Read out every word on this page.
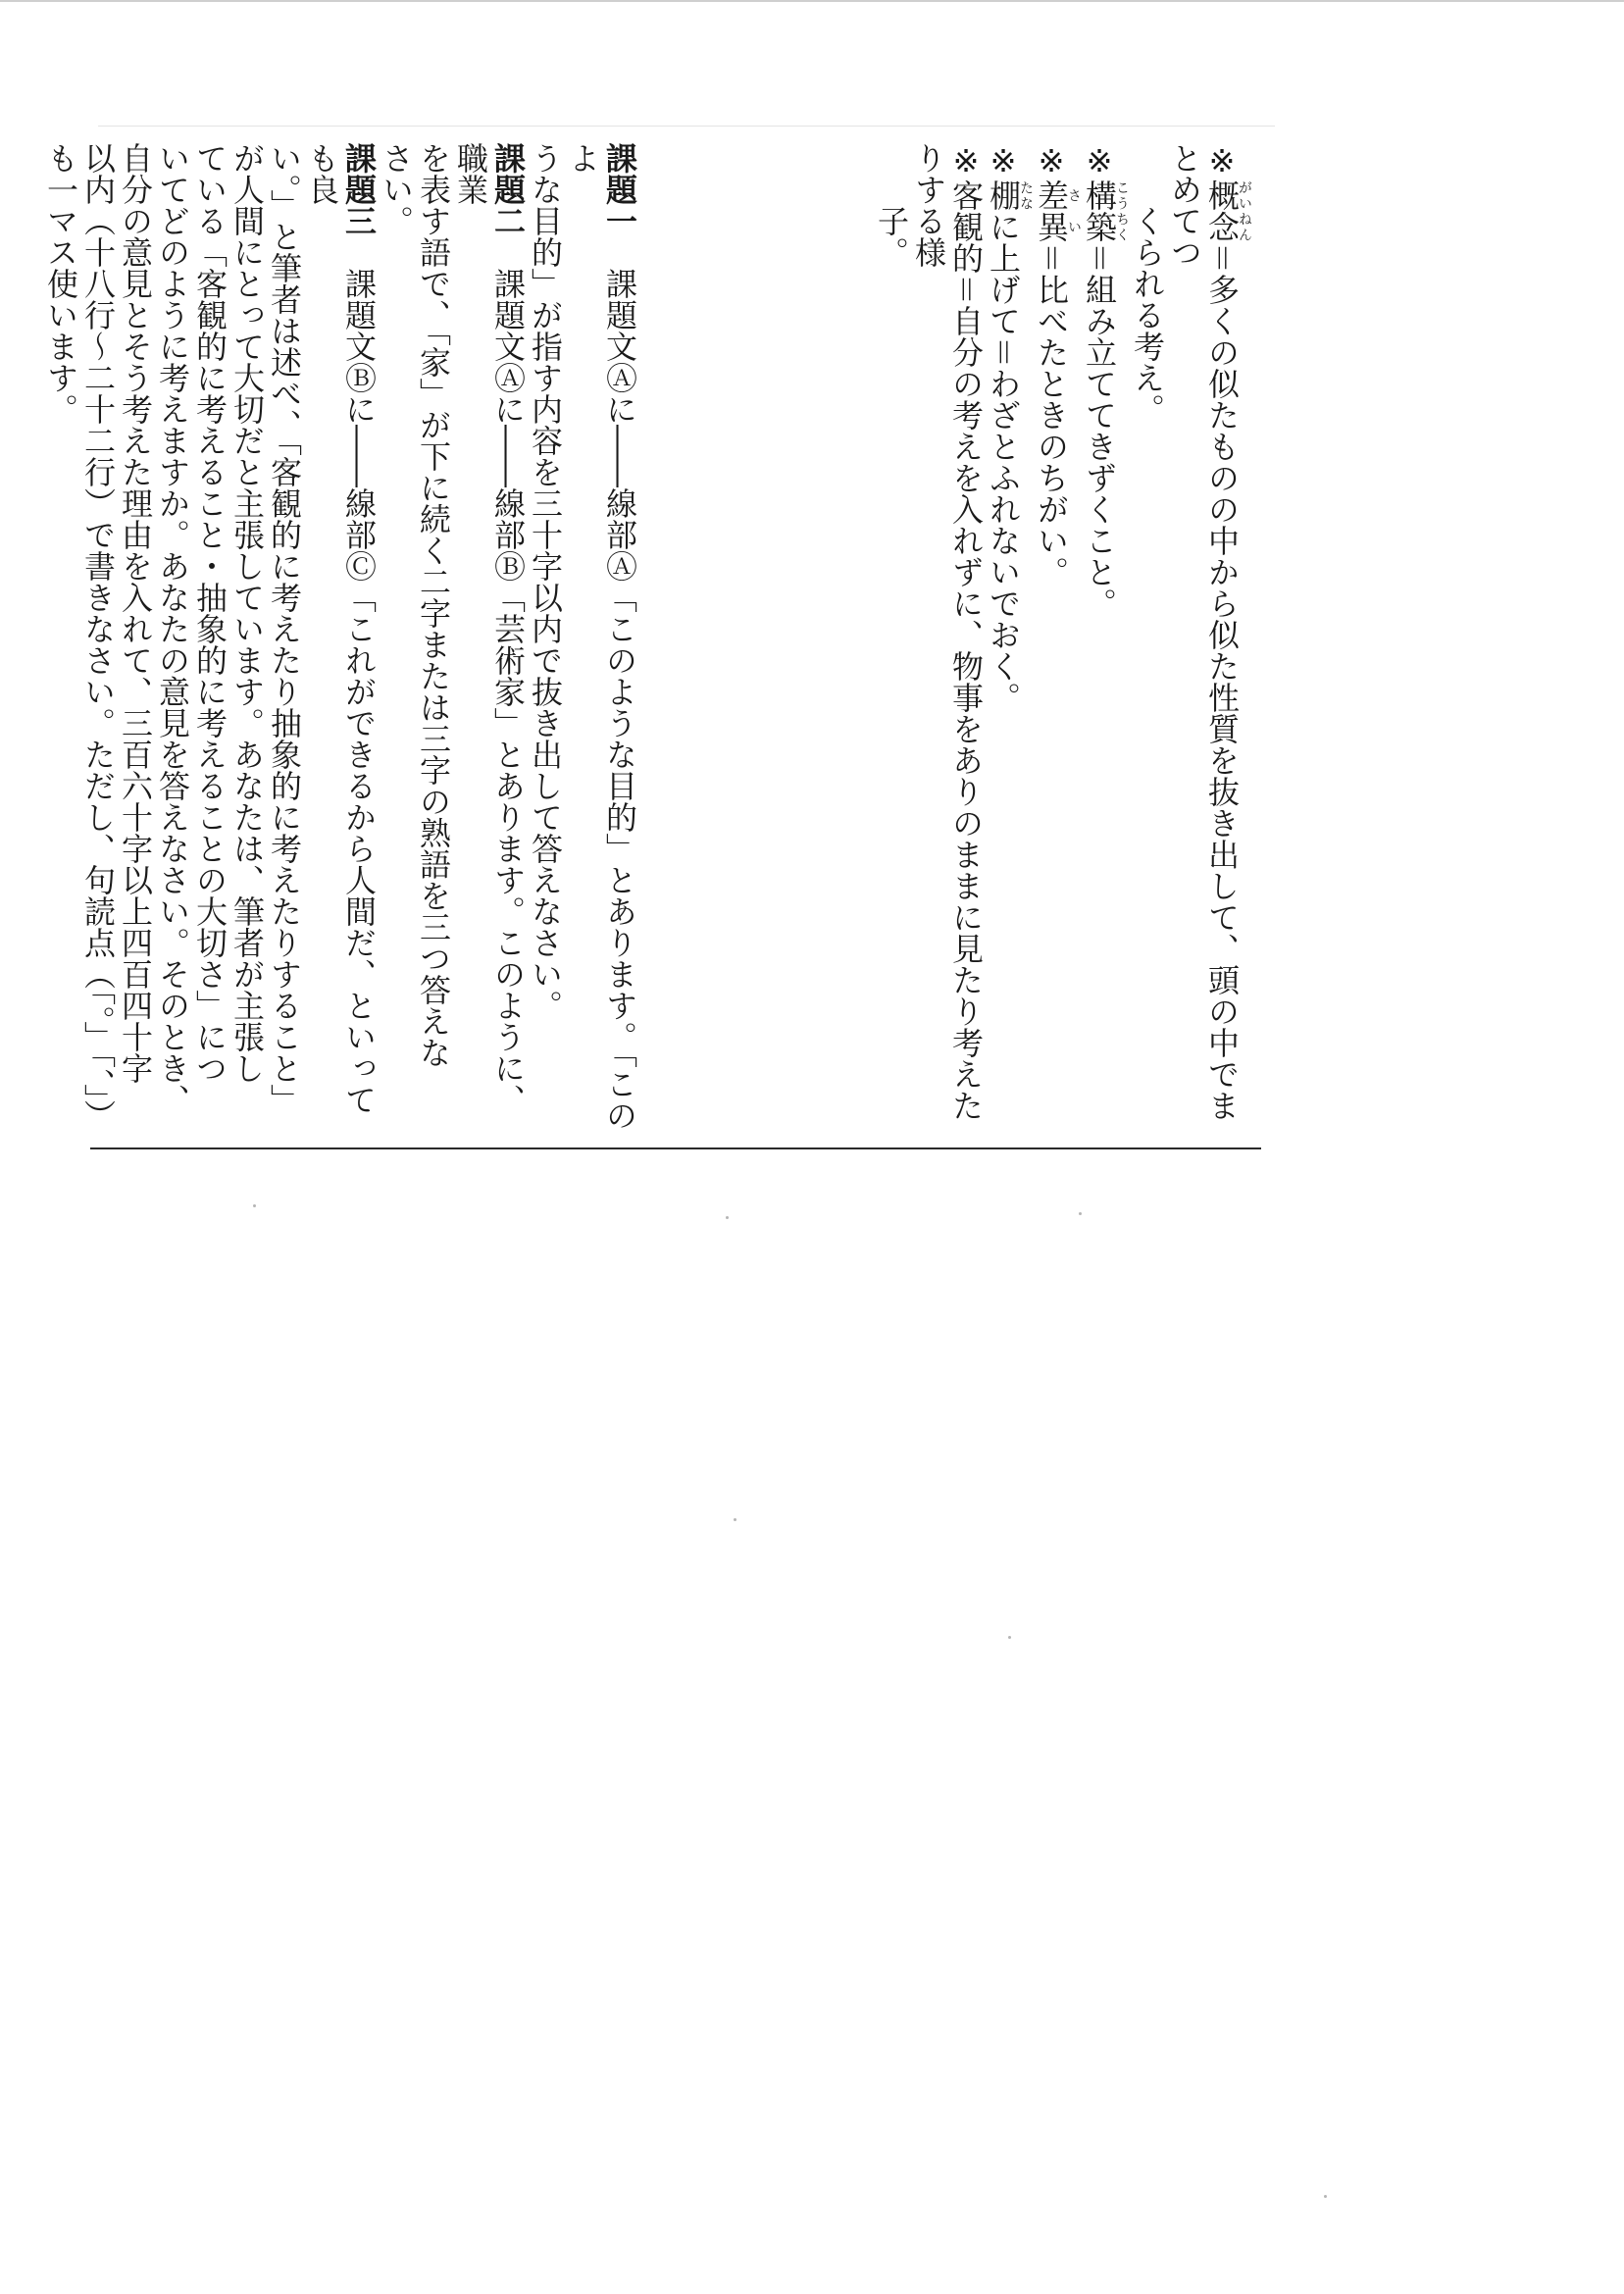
※概念がいねん＝多くの似たものの中から似た性質を抜き出して、頭の中でまとめてつ
くられる考え。
※構築こうちく＝組み立ててきずくこと。
※差異さい＝比べたときのちがい。
※棚たなに上げて＝わざとふれないでおく。
※客観的＝自分の考えを入れずに、物事をありのままに見たり考えたりする様
子。
課題一　課題文Ⓐに――線部Ⓐ「このような目的」とあります。「このよ
うな目的」が指す内容を三十字以内で抜き出して答えなさい。
課題二　課題文Ⓐに――線部Ⓑ「芸術家」とあります。このように、職業
を表す語で、「家」が下に続く二字または三字の熟語を三つ答えな
さい。
課題三　課題文Ⓑに――線部Ⓒ「これができるから人間だ、といっても良
い。」と筆者は述べ、「客観的に考えたり抽象的に考えたりすること」
が人間にとって大切だと主張しています。あなたは、筆者が主張し
ている「客観的に考えること・抽象的に考えることの大切さ」につ
いてどのように考えますか。あなたの意見を答えなさい。そのとき、
自分の意見とそう考えた理由を入れて、三百六十字以上四百四十字
以内（十八行～二十二行）で書きなさい。ただし、句読点（「。」「、」）
も一マス使います。
